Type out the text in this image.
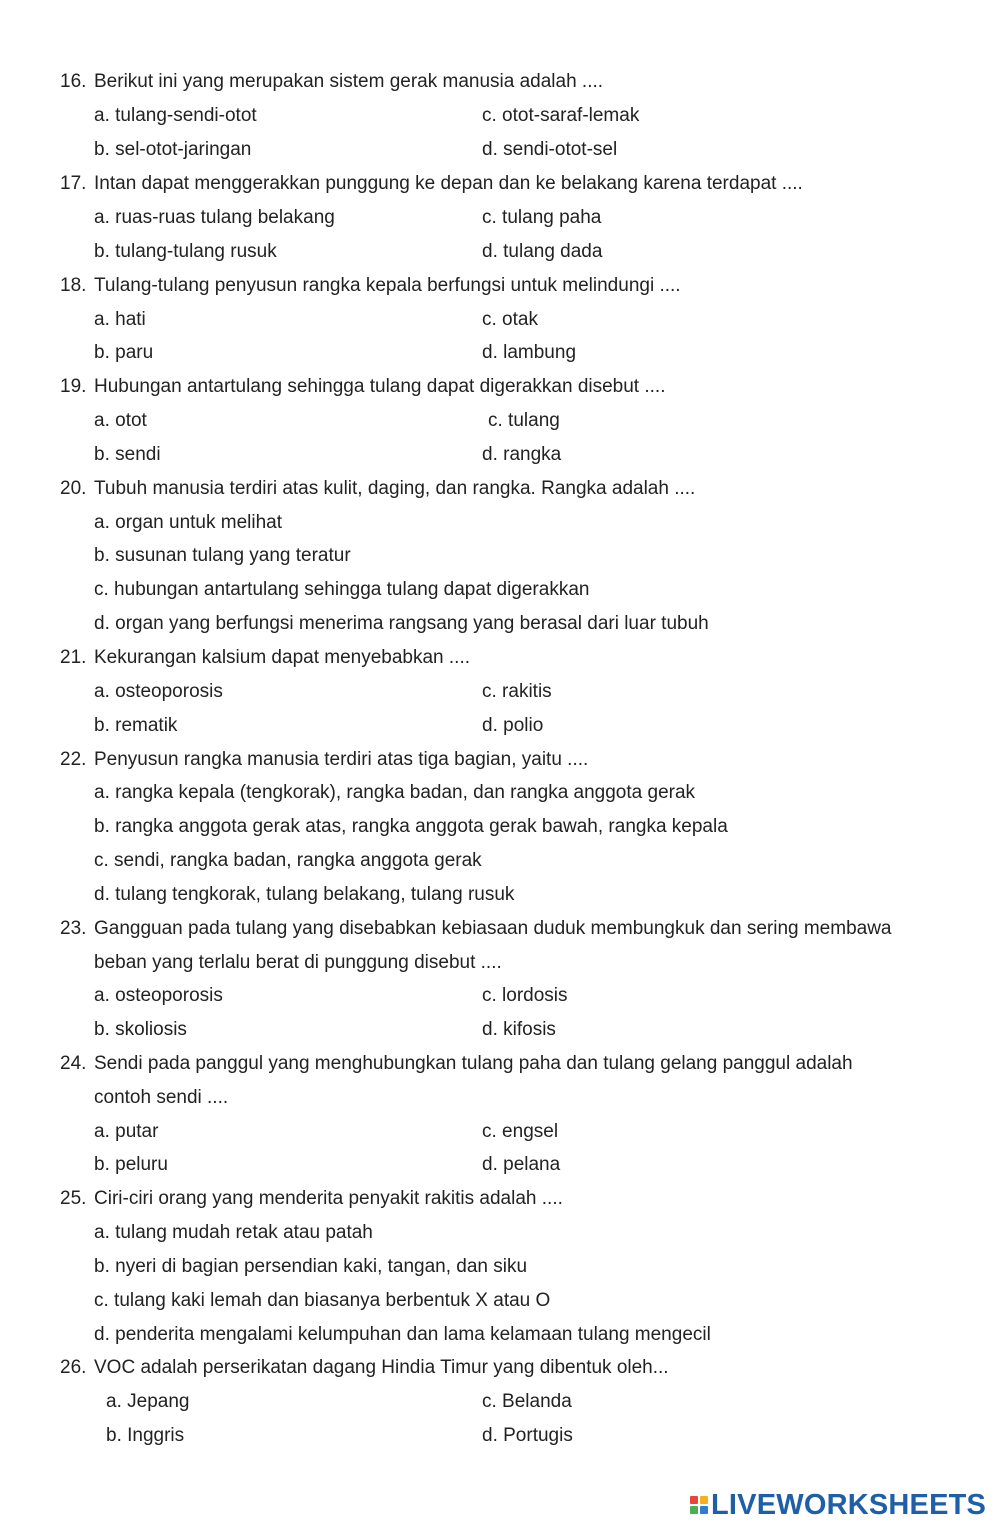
16. Berikut ini yang merupakan sistem gerak manusia adalah ....
a. tulang-sendi-otot	c. otot-saraf-lemak
b. sel-otot-jaringan	d. sendi-otot-sel
17. Intan dapat menggerakkan punggung ke depan dan ke belakang karena terdapat ....
a. ruas-ruas tulang belakang	c. tulang paha
b. tulang-tulang rusuk	d. tulang dada
18. Tulang-tulang penyusun rangka kepala berfungsi untuk melindungi ....
a. hati	c. otak
b. paru	d. lambung
19. Hubungan antartulang sehingga tulang dapat digerakkan disebut ....
a. otot	c. tulang
b. sendi	d. rangka
20. Tubuh manusia terdiri atas kulit, daging, dan rangka. Rangka adalah ....
a. organ untuk melihat
b. susunan tulang yang teratur
c. hubungan antartulang sehingga tulang dapat digerakkan
d. organ yang berfungsi menerima rangsang yang berasal dari luar tubuh
21. Kekurangan kalsium dapat menyebabkan ....
a. osteoporosis	c. rakitis
b. rematik	d. polio
22. Penyusun rangka manusia terdiri atas tiga bagian, yaitu ....
a. rangka kepala (tengkorak), rangka badan, dan rangka anggota gerak
b. rangka anggota gerak atas, rangka anggota gerak bawah, rangka kepala
c. sendi, rangka badan, rangka anggota gerak
d. tulang tengkorak, tulang belakang, tulang rusuk
23. Gangguan pada tulang yang disebabkan kebiasaan duduk membungkuk dan sering membawa
beban yang terlalu berat di punggung disebut ....
a. osteoporosis	c. lordosis
b. skoliosis	d. kifosis
24. Sendi pada panggul yang menghubungkan tulang paha dan tulang gelang panggul adalah
contoh sendi ....
a. putar	c. engsel
b. peluru	d. pelana
25. Ciri-ciri orang yang menderita penyakit rakitis adalah ....
a. tulang mudah retak atau patah
b. nyeri di bagian persendian kaki, tangan, dan siku
c. tulang kaki lemah dan biasanya berbentuk X atau O
d. penderita mengalami kelumpuhan dan lama kelamaan tulang mengecil
26. VOC adalah perserikatan dagang Hindia Timur yang dibentuk oleh...
a. Jepang	c. Belanda
b. Inggris	d. Portugis
LIVEWORKSHEETS
